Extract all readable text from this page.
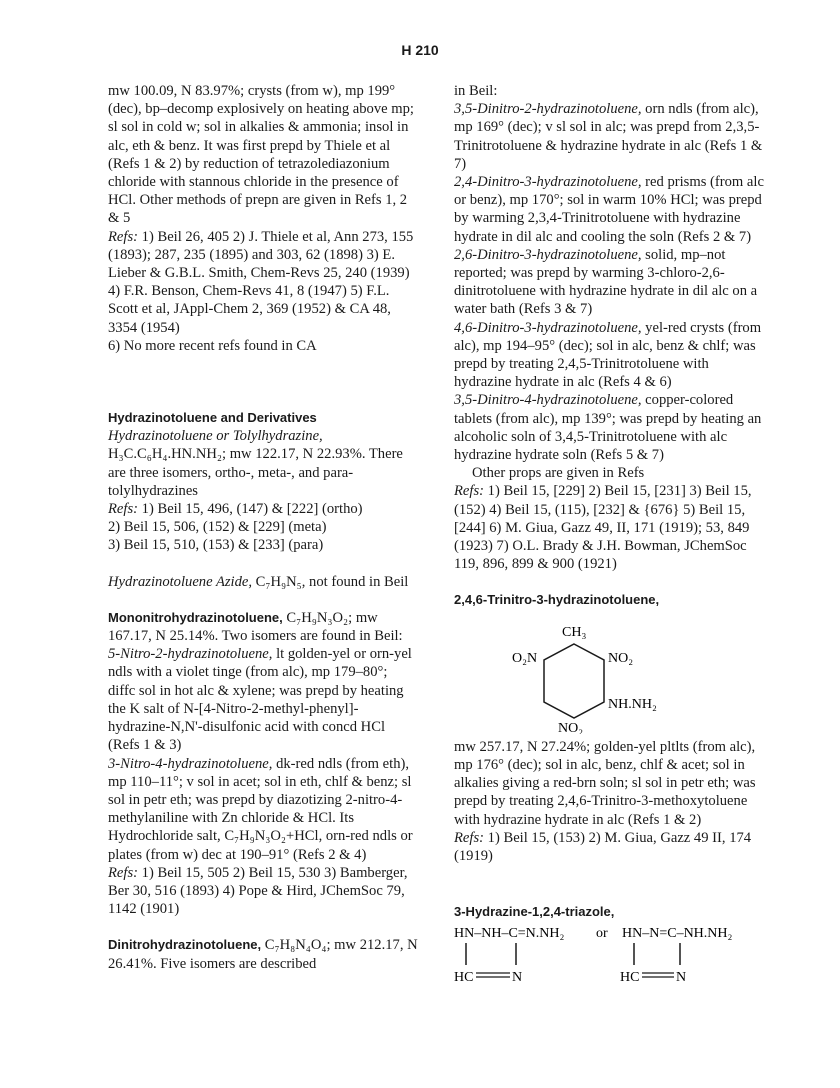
H 210

mw 100.09, N 83.97%; crysts (from w), mp 199° (dec), bp–decomp explosively on heating above mp; sl sol in cold w; sol in alkalies & ammonia; insol in alc, eth & benz. It was first prepd by Thiele et al (Refs 1 & 2) by reduction of tetrazolediazonium chloride with stannous chloride in the presence of HCl. Other methods of prepn are given in Refs 1, 2 & 5

Refs: 1) Beil 26, 405 2) J. Thiele et al, Ann 273, 155 (1893); 287, 235 (1895) and 303, 62 (1898) 3) E. Lieber & G.B.L. Smith, Chem-Revs 25, 240 (1939) 4) F.R. Benson, Chem-Revs 41, 8 (1947) 5) F.L. Scott et al, JAppl-Chem 2, 369 (1952) & CA 48, 3354 (1954)

6) No more recent refs found in CA

Hydrazinotoluene and Derivatives

Hydrazinotoluene or Tolylhydrazine,

H₃C.C₆H₄.HN.NH₂; mw 122.17, N 22.93%. There are three isomers, ortho-, meta-, and para-tolylhydrazines

Refs: 1) Beil 15, 496, (147) & [222] (ortho)

2) Beil 15, 506, (152) & [229] (meta)

3) Beil 15, 510, (153) & [233] (para)

Hydrazinotoluene Azide, C₇H₉N₅, not found in Beil

Mononitrohydrazinotoluene, C₇H₉N₃O₂; mw 167.17, N 25.14%. Two isomers are found in Beil:

5-Nitro-2-hydrazinotoluene, lt golden-yel or orn-yel ndls with a violet tinge (from alc), mp 179–80°; diffc sol in hot alc & xylene; was prepd by heating the K salt of N-[4-Nitro-2-methyl-phenyl]-hydrazine-N,N'-disulfonic acid with concd HCl (Refs 1 & 3)

3-Nitro-4-hydrazinotoluene, dk-red ndls (from eth), mp 110–11°; v sol in acet; sol in eth, chlf & benz; sl sol in petr eth; was prepd by diazotizing 2-nitro-4-methylaniline with Zn chloride & HCl. Its Hydrochloride salt, C₇H₉N₃O₂+HCl, orn-red ndls or plates (from w) dec at 190–91° (Refs 2 & 4)

Refs: 1) Beil 15, 505 2) Beil 15, 530 3) Bamberger, Ber 30, 516 (1893) 4) Pope & Hird, JChemSoc 79, 1142 (1901)

Dinitrohydrazinotoluene, C₇H₈N₄O₄; mw 212.17, N 26.41%. Five isomers are described

in Beil:

3,5-Dinitro-2-hydrazinotoluene, orn ndls (from alc), mp 169° (dec); v sl sol in alc; was prepd from 2,3,5-Trinitrotoluene & hydrazine hydrate in alc (Refs 1 & 7)

2,4-Dinitro-3-hydrazinotoluene, red prisms (from alc or benz), mp 170°; sol in warm 10% HCl; was prepd by warming 2,3,4-Trinitrotoluene with hydrazine hydrate in dil alc and cooling the soln (Refs 2 & 7)

2,6-Dinitro-3-hydrazinotoluene, solid, mp–not reported; was prepd by warming 3-chloro-2,6-dinitrotoluene with hydrazine hydrate in dil alc on a water bath (Refs 3 & 7)

4,6-Dinitro-3-hydrazinotoluene, yel-red crysts (from alc), mp 194–95° (dec); sol in alc, benz & chlf; was prepd by treating 2,4,5-Trinitrotoluene with hydrazine hydrate in alc (Refs 4 & 6)

3,5-Dinitro-4-hydrazinotoluene, copper-colored tablets (from alc), mp 139°; was prepd by heating an alcoholic soln of 3,4,5-Trinitrotoluene with alc hydrazine hydrate soln (Refs 5 & 7)

Other props are given in Refs

Refs: 1) Beil 15, [229] 2) Beil 15, [231] 3) Beil 15, (152) 4) Beil 15, (115), [232] & {676} 5) Beil 15, [244] 6) M. Giua, Gazz 49, II, 171 (1919); 53, 849 (1923) 7) O.L. Brady & J.H. Bowman, JChemSoc 119, 896, 899 & 900 (1921)

2,4,6-Trinitro-3-hydrazinotoluene,

CH₃
O₂N	NO₂
NH.NH₂
NO₂

mw 257.17, N 27.24%; golden-yel pltlts (from alc), mp 176° (dec); sol in alc, benz, chlf & acet; sol in alkalies giving a red-brn soln; sl sol in petr eth; was prepd by treating 2,4,6-Trinitro-3-methoxytoluene with hydrazine hydrate in alc (Refs 1 & 2)

Refs: 1) Beil 15, (153) 2) M. Giua, Gazz 49 II, 174 (1919)

3-Hydrazine-1,2,4-triazole,

HN–NH–C=N.NH₂ or HN–N=C–NH.NH₂
HC	N	HC	N
